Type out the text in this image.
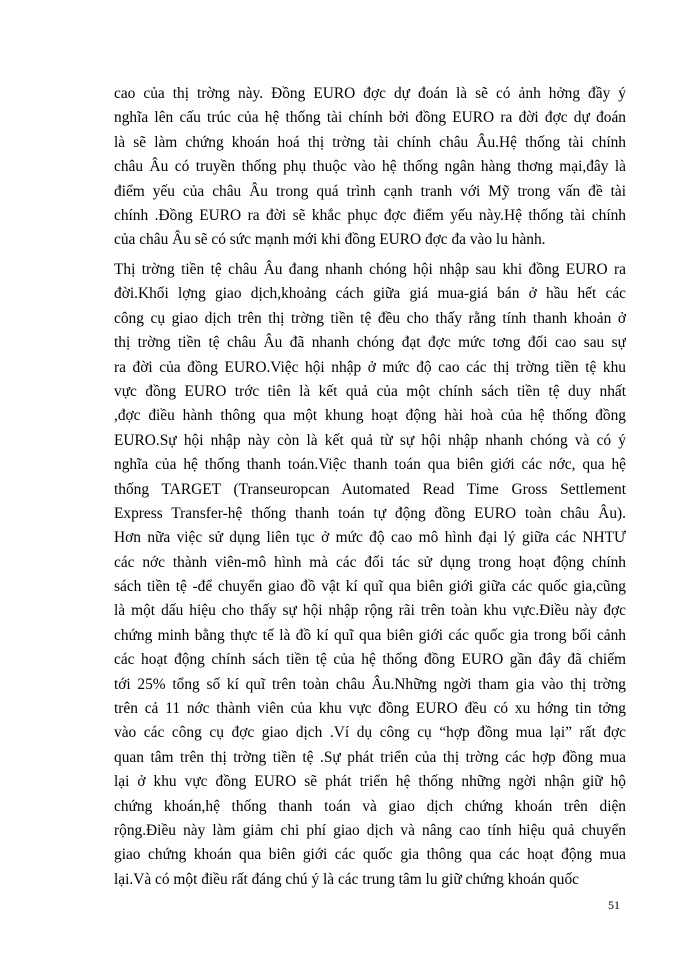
cao của thị trờng này. Đồng EURO đợc dự đoán là sẽ có ảnh hởng đầy ý
nghĩa lên cấu trúc của hệ thống tài chính bởi đồng EURO ra đời đợc dự đoán
là sẽ làm chứng khoán hoá thị trờng tài chính châu Âu.Hệ thống tài chính
châu Âu có truyền thống phụ thuộc vào hệ thống ngân hàng thơng mại,đây là
điểm yếu của châu Âu trong quá trình cạnh tranh với Mỹ trong vấn đề tài
chính .Đồng EURO ra đời sẽ khắc phục đợc điểm yếu này.Hệ thống tài chính
của châu Âu sẽ có sức mạnh mới khi đồng EURO đợc đa vào lu hành.
Thị trờng tiền tệ châu Âu đang nhanh chóng hội nhập sau khi đồng EURO ra
đời.Khối lợng giao dịch,khoảng cách giữa giá mua-giá bán ở hầu hết các
công cụ giao dịch trên thị trờng tiền tệ đều cho thấy rằng tính thanh khoản ở
thị trờng tiền tệ châu Âu đã nhanh chóng đạt đợc mức tơng đối cao sau sự
ra đời của đồng EURO.Việc hội nhập ở mức độ cao các thị trờng tiền tệ khu
vực đồng EURO trớc tiên là kết quả của một chính sách tiền tệ duy nhất
,đợc điều hành thông qua một khung hoạt động hài hoà của hệ thống đồng
EURO.Sự hội nhập này còn là kết quả từ sự hội nhập nhanh chóng và có ý
nghĩa của hệ thống thanh toán.Việc thanh toán qua biên giới các nớc, qua hệ
thống TARGET (Transeuropcan Automated Read Time Gross Settlement
Express Transfer-hệ thống thanh toán tự động đồng EURO toàn châu Âu).
Hơn nữa việc sử dụng liên tục ở mức độ cao mô hình đại lý giữa các NHTƯ
các nớc thành viên-mô hình mà các đối tác sử dụng trong hoạt động chính
sách tiền tệ -để chuyển giao đồ vật kí quĩ qua biên giới giữa các quốc gia,cũng
là một dấu hiệu cho thấy sự hội nhập rộng rãi trên toàn khu vực.Điều này đợc
chứng minh bằng thực tế là đồ kí quĩ qua biên giới các quốc gia trong bối cảnh
các hoạt động chính sách tiền tệ của hệ thống đồng EURO gần đây đã chiếm
tới 25% tổng số kí quĩ trên toàn châu Âu.Những ngời tham gia vào thị trờng
trên cả 11 nớc thành viên của khu vực đồng EURO đều có xu hớng tin tởng
vào các công cụ đợc giao dịch .Ví dụ công cụ “hợp đồng mua lại” rất đợc
quan tâm trên thị trờng tiền tệ .Sự phát triển của thị trờng các hợp đồng mua
lại ở khu vực đồng EURO sẽ phát triển hệ thống những ngời nhận giữ hộ
chứng khoán,hệ thống thanh toán và giao dịch chứng khoán trên diện
rộng.Điều này làm giảm chi phí giao dịch và nâng cao tính hiệu quả chuyển
giao chứng khoán qua biên giới các quốc gia thông qua các hoạt động mua
lại.Và có một điều rất đáng chú ý là các trung tâm lu giữ chứng khoán quốc
51
